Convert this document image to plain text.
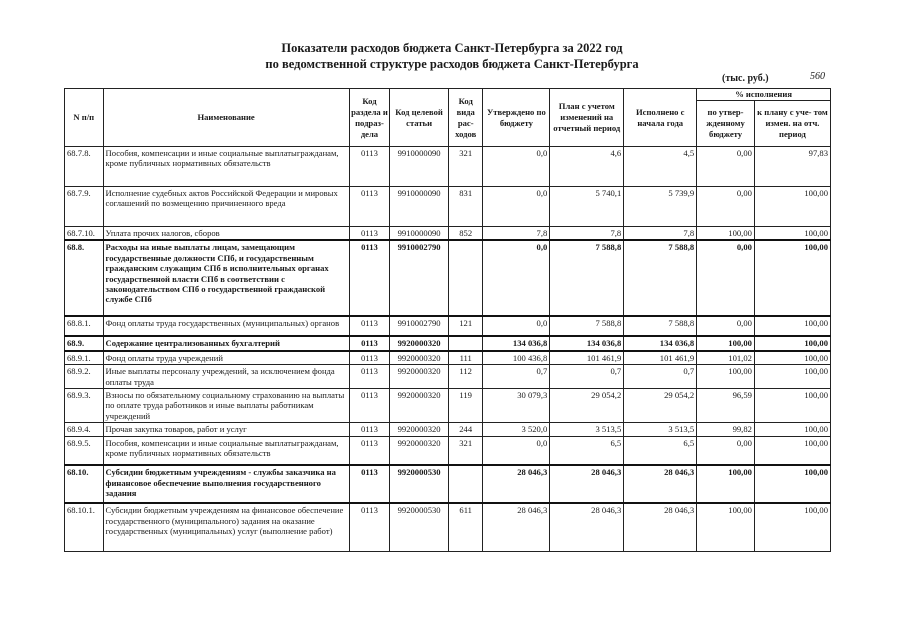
Показатели расходов бюджета Санкт-Петербурга за 2022 год
по ведомственной структуре расходов бюджета Санкт-Петербурга
(тыс. руб.)	560
N п/п	Наименование	Код раздела и подраз- дела	Код целевой статьи	Код вида рас- ходов	Утверждено по бюджету	План с учетом изменений на отчетный период	Исполнено с начала года	% исполнения	
								по утвер- жденному бюджету	к плану с уче- том измен. на отч. период
68.7.8.	Пособия, компенсации и иные социальные выплатыгражданам, кроме публичных нормативных обязательств	0113	9910000090	321	0,0	4,6	4,5	0,00	97,83
68.7.9.	Исполнение судебных актов Российской Федерации и мировых соглашений по возмещению причиненного вреда	0113	9910000090	831	0,0	5 740,1	5 739,9	0,00	100,00
68.7.10.	Уплата прочих налогов, сборов	0113	9910000090	852	7,8	7,8	7,8	100,00	100,00
68.8.	Расходы на иные выплаты лицам, замещающим государственные должности СПб, и государственным гражданским служащим СПб в исполнительных органах государственной власти СПб в соответствии с законодательством СПб о государственной гражданской службе СПб	0113	9910002790		0,0	7 588,8	7 588,8	0,00	100,00
68.8.1.	Фонд оплаты труда государственных (муниципальных) органов	0113	9910002790	121	0,0	7 588,8	7 588,8	0,00	100,00
68.9.	Содержание централизованных бухгалтерий	0113	9920000320		134 036,8	134 036,8	134 036,8	100,00	100,00
68.9.1.	Фонд оплаты труда учреждений	0113	9920000320	111	100 436,8	101 461,9	101 461,9	101,02	100,00
68.9.2.	Иные выплаты персоналу учреждений, за исключением фонда оплаты труда	0113	9920000320	112	0,7	0,7	0,7	100,00	100,00
68.9.3.	Взносы по обязательному социальному страхованию на выплаты по оплате труда работников и иные выплаты работникам учреждений	0113	9920000320	119	30 079,3	29 054,2	29 054,2	96,59	100,00
68.9.4.	Прочая закупка товаров, работ и услуг	0113	9920000320	244	3 520,0	3 513,5	3 513,5	99,82	100,00
68.9.5.	Пособия, компенсации и иные социальные выплатыгражданам, кроме публичных нормативных обязательств	0113	9920000320	321	0,0	6,5	6,5	0,00	100,00
68.10.	Субсидии бюджетным учреждениям - службы заказчика на финансовое обеспечение выполнения государственного задания	0113	9920000530		28 046,3	28 046,3	28 046,3	100,00	100,00
68.10.1.	Субсидии бюджетным учреждениям на финансовое обеспечение государственного (муниципального) задания на оказание государственных (муниципальных) услуг (выполнение работ)	0113	9920000530	611	28 046,3	28 046,3	28 046,3	100,00	100,00
